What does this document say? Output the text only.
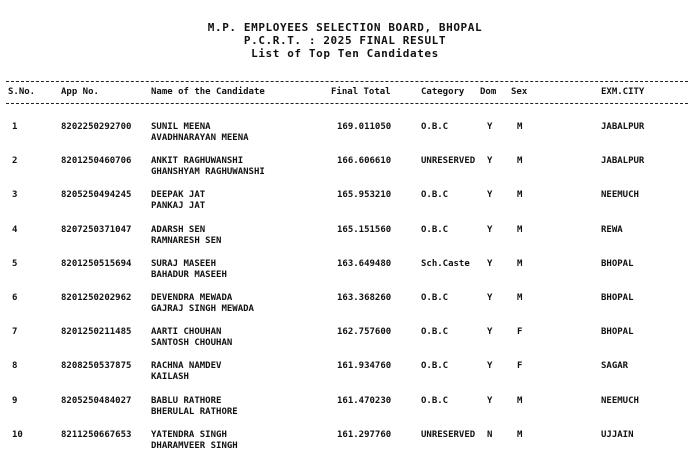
M.P. EMPLOYEES SELECTION BOARD, BHOPAL
P.C.R.T. : 2025 FINAL RESULT
List of Top Ten Candidates
S.No.	App No.	Name of the Candidate	Final Total	Category Dom Sex	EXM.CITY
1	8202250292700 SUNIL MEENA	169.011050	O.B.C	Y	M	JABALPUR
AVADHNARAYAN MEENA
2	8201250460706 ANKIT RAGHUWANSHI	166.606610	UNRESERVED Y	M	JABALPUR
GHANSHYAM RAGHUWANSHI
3	8205250494245 DEEPAK JAT	165.953210	O.B.C	Y	M	NEEMUCH
PANKAJ JAT
4	8207250371047 ADARSH SEN	165.151560	O.B.C	Y	M	REWA
RAMNARESH SEN
5	8201250515694 SURAJ MASEEH	163.649480	Sch.Caste Y	M	BHOPAL
BAHADUR MASEEH
6	8201250202962 DEVENDRA MEWADA	163.368260	O.B.C	Y	M	BHOPAL
GAJRAJ SINGH MEWADA
7	8201250211485 AARTI CHOUHAN	162.757600	O.B.C	Y	F	BHOPAL
SANTOSH CHOUHAN
8	8208250537875 RACHNA NAMDEV	161.934760	O.B.C	Y	F	SAGAR
KAILASH
9	8205250484027 BABLU RATHORE	161.470230	O.B.C	Y	M	NEEMUCH
BHERULAL RATHORE
10	8211250667653 YATENDRA SINGH	161.297760	UNRESERVED N	M	UJJAIN
DHARAMVEER SINGH
